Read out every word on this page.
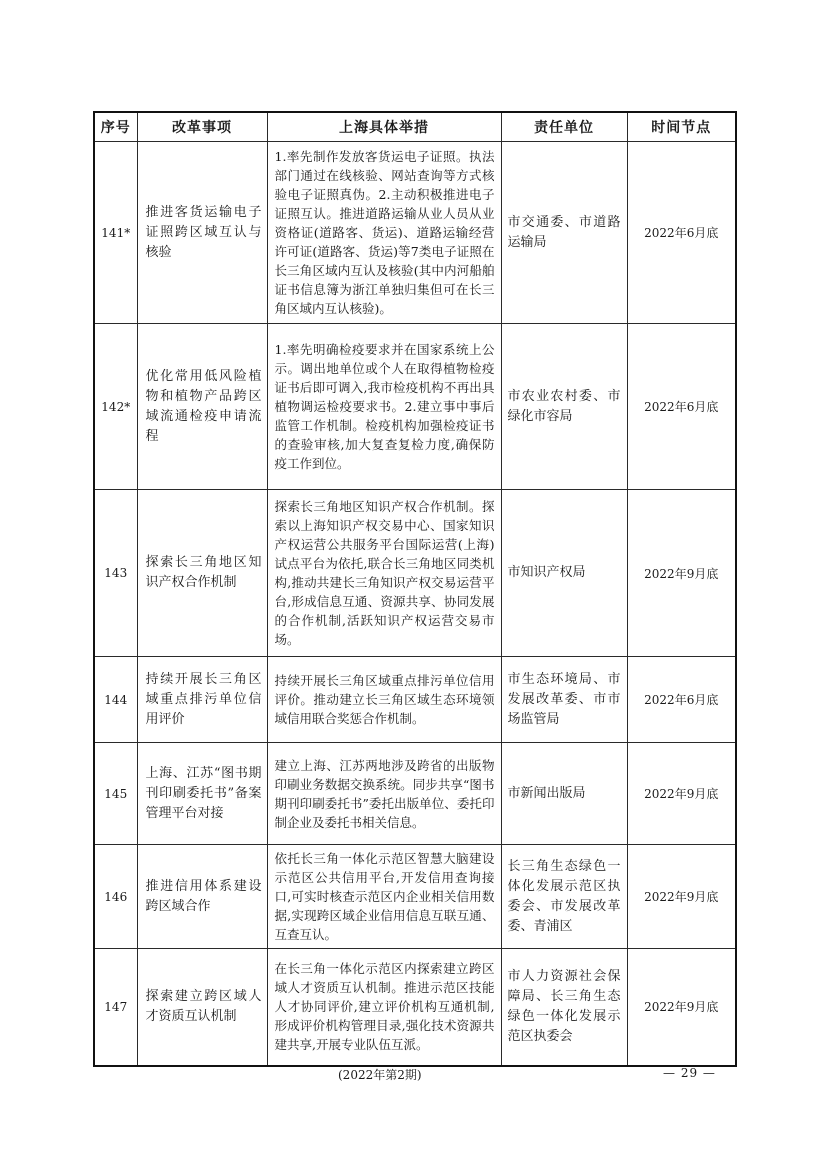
序号	改革事项	上海具体举措	责任单位	时间节点
141*	推进客货运输电子证照跨区域互认与核验	1.率先制作发放客货运电子证照。执法部门通过在线核验、网站查询等方式核验电子证照真伪。2.主动积极推进电子证照互认。推进道路运输从业人员从业资格证(道路客、货运)、道路运输经营许可证(道路客、货运)等7类电子证照在长三角区域内互认及核验(其中内河船舶证书信息簿为浙江单独归集但可在长三角区域内互认核验)。	市交通委、市道路运输局	2022年6月底
142*	优化常用低风险植物和植物产品跨区域流通检疫申请流程	1.率先明确检疫要求并在国家系统上公示。调出地单位或个人在取得植物检疫证书后即可调入,我市检疫机构不再出具植物调运检疫要求书。2.建立事中事后监管工作机制。检疫机构加强检疫证书的查验审核,加大复查复检力度,确保防疫工作到位。	市农业农村委、市绿化市容局	2022年6月底
143	探索长三角地区知识产权合作机制	探索长三角地区知识产权合作机制。探索以上海知识产权交易中心、国家知识产权运营公共服务平台国际运营(上海)试点平台为依托,联合长三角地区同类机构,推动共建长三角知识产权交易运营平台,形成信息互通、资源共享、协同发展的合作机制,活跃知识产权运营交易市场。	市知识产权局	2022年9月底
144	持续开展长三角区域重点排污单位信用评价	持续开展长三角区域重点排污单位信用评价。推动建立长三角区域生态环境领域信用联合奖惩合作机制。	市生态环境局、市发展改革委、市市场监管局	2022年6月底
145	上海、江苏“图书期刊印刷委托书”备案管理平台对接	建立上海、江苏两地涉及跨省的出版物印刷业务数据交换系统。同步共享“图书期刊印刷委托书”委托出版单位、委托印制企业及委托书相关信息。	市新闻出版局	2022年9月底
146	推进信用体系建设跨区域合作	依托长三角一体化示范区智慧大脑建设示范区公共信用平台,开发信用查询接口,可实时核查示范区内企业相关信用数据,实现跨区域企业信用信息互联互通、互查互认。	长三角生态绿色一体化发展示范区执委会、市发展改革委、青浦区	2022年9月底
147	探索建立跨区域人才资质互认机制	在长三角一体化示范区内探索建立跨区域人才资质互认机制。推进示范区技能人才协同评价,建立评价机构互通机制,形成评价机构管理目录,强化技术资源共建共享,开展专业队伍互派。	市人力资源社会保障局、长三角生态绿色一体化发展示范区执委会	2022年9月底
(2022年第2期)	— 29 —
